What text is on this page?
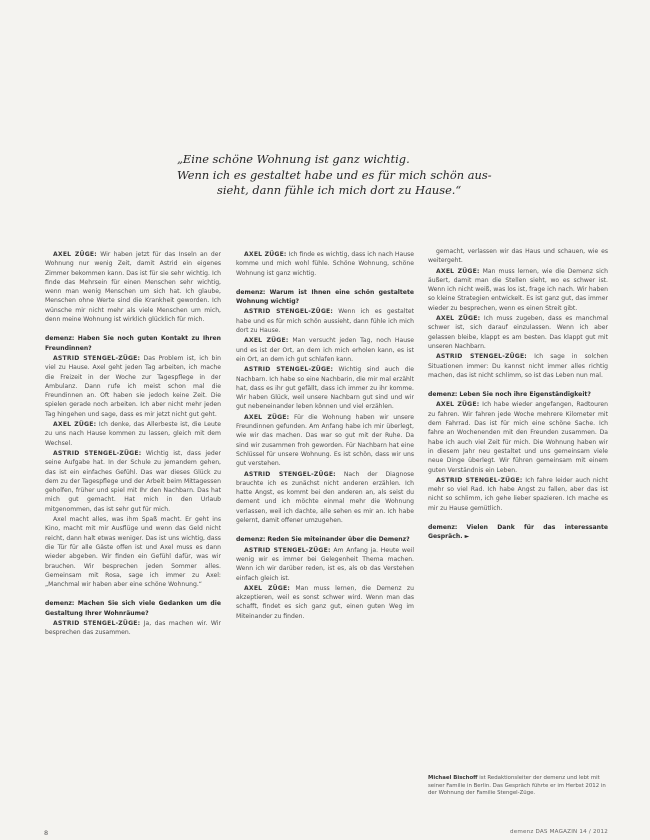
„Eine schöne Wohnung ist ganz wichtig.
Wenn ich es gestaltet habe und es für mich schön aus-
sieht, dann fühle ich mich dort zu Hause.“

AXEL ZÜGE: Wir haben jetzt für das Inseln an der Wohnung nur wenig Zeit, damit Astrid ein eigenes Zimmer bekommen kann. Das ist für sie sehr wichtig. Ich finde das Mehrsein für einen Menschen sehr wichtig, wenn man wenig Menschen um sich hat. Ich glaube, Menschen ohne Werte sind die Krankheit geworden. Ich wünsche mir nicht mehr als viele Menschen um mich, denn meine Wohnung ist wirklich glücklich für mich.

demenz: Haben Sie noch guten Kontakt zu Ihren Freundinnen?

ASTRID STENGEL-ZÜGE: Das Problem ist, ich bin viel zu Hause. Axel geht jeden Tag arbeiten, ich mache die Freizeit in der Woche zur Tagespflege in der Ambulanz. Dann rufe ich meist schon mal die Freundinnen an. Oft haben sie jedoch keine Zeit. Die spielen gerade noch arbeiten. Ich aber nicht mehr jeden Tag hingehen und sage, dass es mir jetzt nicht gut geht.

AXEL ZÜGE: Ich denke, das Allerbeste ist, die Leute zu uns nach Hause kommen zu lassen, gleich mit dem Wechsel.

ASTRID STENGEL-ZÜGE: Wichtig ist, dass jeder seine Aufgabe hat. In der Schule zu jemandem gehen, das ist ein einfaches Gefühl. Das war dieses Glück zu dem zu der Tagespflege und der Arbeit beim Mittagessen geholfen, früher und spiel mit Ihr den Nachbarn. Das hat mich gut gemacht. Hat mich in den Urlaub mitgenommen, das ist sehr gut für mich.

Axel macht alles, was ihm Spaß macht. Er geht ins Kino, macht mit mir Ausflüge und wenn das Geld nicht reicht, dann halt etwas weniger. Das ist uns wichtig, dass die Tür für alle Gäste offen ist und Axel muss es dann wieder abgeben. Wir finden ein Gefühl dafür, was wir brauchen. Wir besprechen jeden Sommer alles. Gemeinsam mit Rosa, sage ich immer zu Axel: „Manchmal wir haben aber eine schöne Wohnung.“

demenz: Machen Sie sich viele Gedanken um die Gestaltung Ihrer Wohnräume?

ASTRID STENGEL-ZÜGE: Ja, das machen wir. Wir besprechen das zusammen.

AXEL ZÜGE: Ich finde es wichtig, dass ich nach Hause komme und mich wohl fühle. Schöne Wohnung, schöne Wohnung ist ganz wichtig.

demenz: Warum ist Ihnen eine schön gestaltete Wohnung wichtig?

ASTRID STENGEL-ZÜGE: Wenn ich es gestaltet habe und es für mich schön aussieht, dann fühle ich mich dort zu Hause.

AXEL ZÜGE: Man versucht jeden Tag, noch Hause und es ist der Ort, an dem ich mich erholen kann, es ist ein Ort, an dem ich gut schlafen kann.

ASTRID STENGEL-ZÜGE: Wichtig sind auch die Nachbarn. Ich habe so eine Nachbarin, die mir mal erzählt hat, dass es ihr gut gefällt, dass ich immer zu ihr komme. Wir haben Glück, weil unsere Nachbarn gut sind und wir gut nebeneinander leben können und viel erzählen.

AXEL ZÜGE: Für die Wohnung haben wir unsere Freundinnen gefunden. Am Anfang habe ich mir überlegt, wie wir das machen. Das war so gut mit der Ruhe. Da sind wir zusammen froh geworden. Für Nachbarn hat eine Schlüssel für unsere Wohnung. Es ist schön, dass wir uns gut verstehen.

ASTRID STENGEL-ZÜGE: Nach der Diagnose brauchte ich es zunächst nicht anderen erzählen. Ich hatte Angst, es kommt bei den anderen an, als seist du dement und ich möchte einmal mehr die Wohnung verlassen, weil ich dachte, alle sehen es mir an. Ich habe gelernt, damit offener umzugehen.

demenz: Reden Sie miteinander über die Demenz?

ASTRID STENGEL-ZÜGE: Am Anfang ja. Heute weil wenig wir es immer bei Gelegenheit Thema machen. Wenn ich wir darüber reden, ist es, als ob das Verstehen einfach gleich ist.

AXEL ZÜGE: Man muss lernen, die Demenz zu akzeptieren, weil es sonst schwer wird. Wenn man das schafft, findet es sich ganz gut, einen guten Weg im Miteinander zu finden.

gemacht, verlassen wir das Haus und schauen, wie es weitergeht.

AXEL ZÜGE: Man muss lernen, wie die Demenz sich äußert, damit man die Stellen sieht, wo es schwer ist. Wenn ich nicht weiß, was los ist, frage ich nach. Wir haben so kleine Strategien entwickelt. Es ist ganz gut, das immer wieder zu besprechen, wenn es einen Streit gibt.

AXEL ZÜGE: Ich muss zugeben, dass es manchmal schwer ist, sich darauf einzulassen. Wenn ich aber gelassen bleibe, klappt es am besten. Das klappt gut mit unseren Nachbarn.

ASTRID STENGEL-ZÜGE: Ich sage in solchen Situationen immer: Du kannst nicht immer alles richtig machen, das ist nicht schlimm, so ist das Leben nun mal.

demenz: Leben Sie noch ihre Eigenständigkeit?

AXEL ZÜGE: Ich habe wieder angefangen, Radtouren zu fahren. Wir fahren jede Woche mehrere Kilometer mit dem Fahrrad. Das ist für mich eine schöne Sache. Ich fahre an Wochenenden mit den Freunden zusammen. Da habe ich auch viel Zeit für mich. Die Wohnung haben wir in diesem Jahr neu gestaltet und uns gemeinsam viele neue Dinge überlegt. Wir führen gemeinsam mit einem guten Verständnis ein Leben.

ASTRID STENGEL-ZÜGE: Ich fahre leider auch nicht mehr so viel Rad. Ich habe Angst zu fallen, aber das ist nicht so schlimm, ich gehe lieber spazieren. Ich mache es mir zu Hause gemütlich.

demenz: Vielen Dank für das interessante Gespräch. ►

Michael Bischoff ist Redaktionsleiter der demenz und lebt mit seiner Familie in Berlin. Das Gespräch führte er im Herbst 2012 in der Wohnung der Familie Stengel-Züge.

8	demenz DAS MAGAZIN 14 / 2012
